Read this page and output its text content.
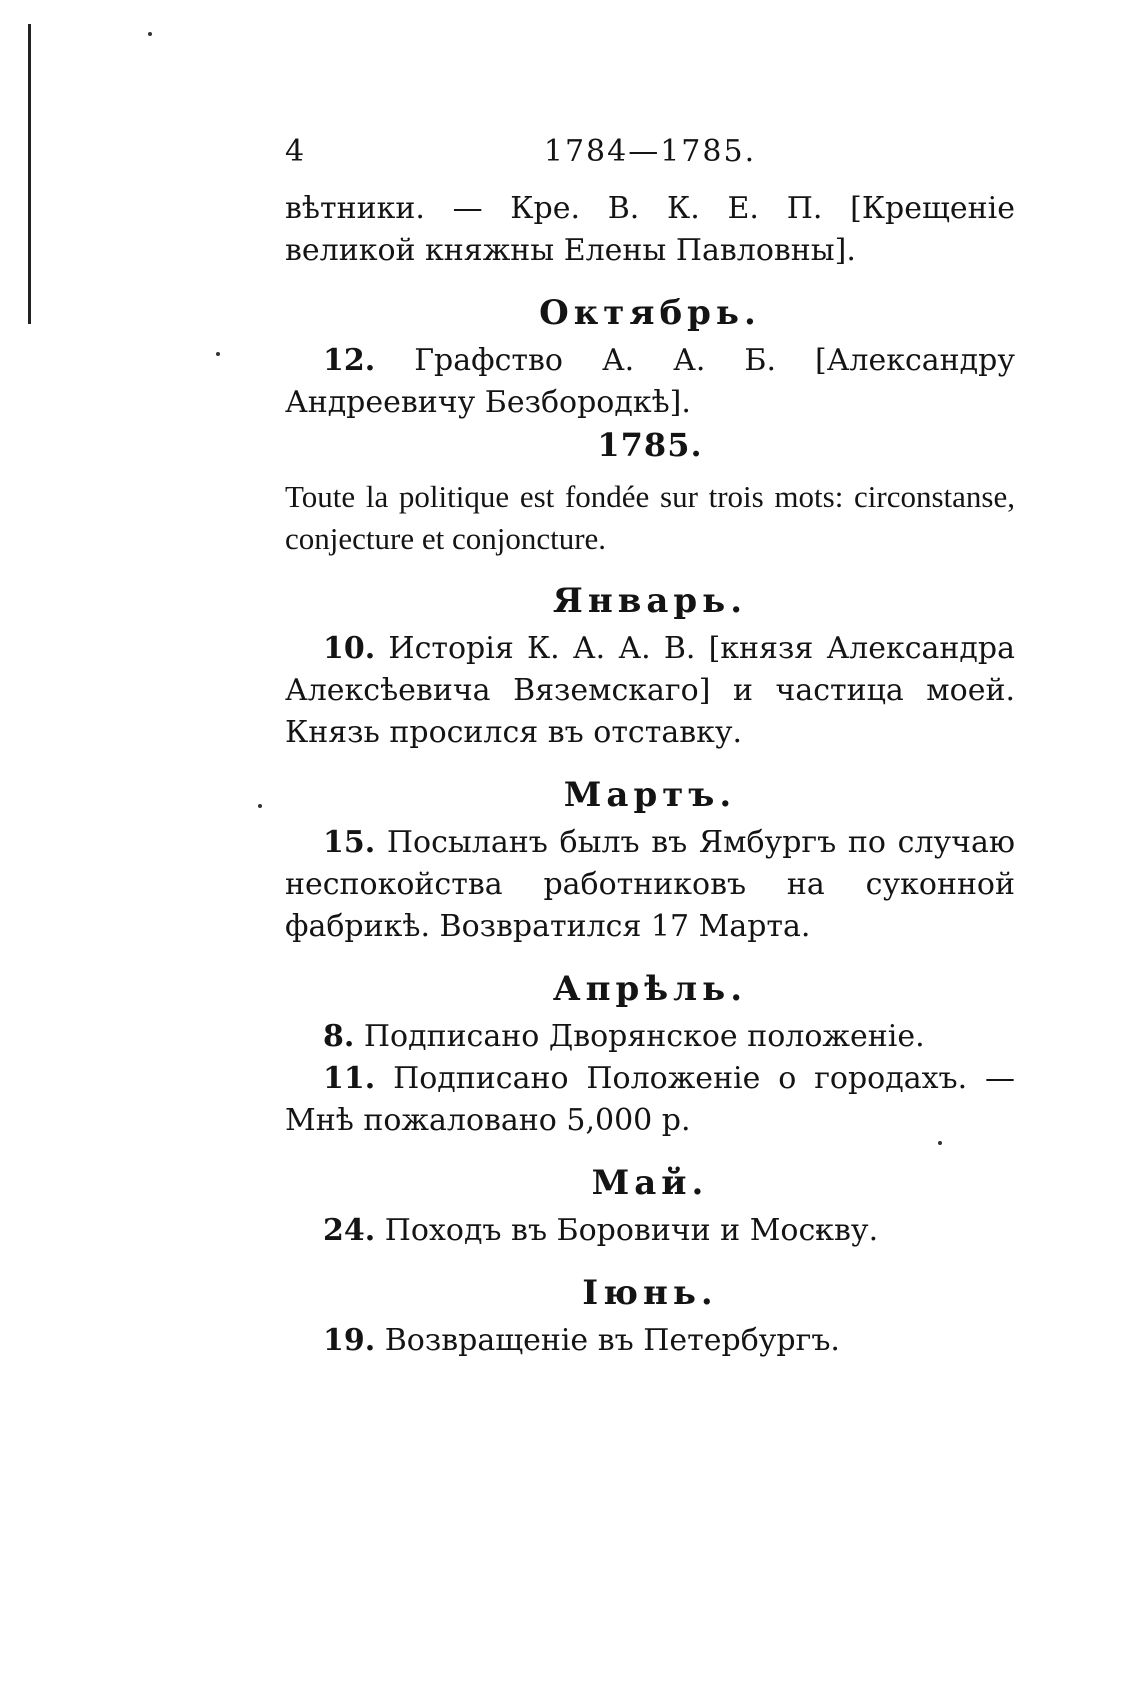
4	1784—1785.

вѣтники. — Кре. В. К. Е. П. [Крещеніе великой княжны Елены Павловны].

Октябрь.

12. Графство А. А. Б. [Александру Андреевичу Безбородкѣ].

1785.

Toute la politique est fondée sur trois mots: circonstanse, conjecture et conjoncture.

Январь.

10. Исторія К. А. А. В. [князя Александра Алексѣевича Вяземскаго] и частица моей. Князь просился въ отставку.

Мартъ.

15. Посыланъ былъ въ Ямбургъ по случаю неспокойства работниковъ на суконной фабрикѣ. Возвратился 17 Марта.

Апрѣль.

8. Подписано Дворянское положеніе.

11. Подписано Положеніе о городахъ. — Мнѣ пожаловано 5,000 р.

Май.

24. Походъ въ Боровичи и Москву.

Іюнь.

19. Возвращеніе въ Петербургъ.
